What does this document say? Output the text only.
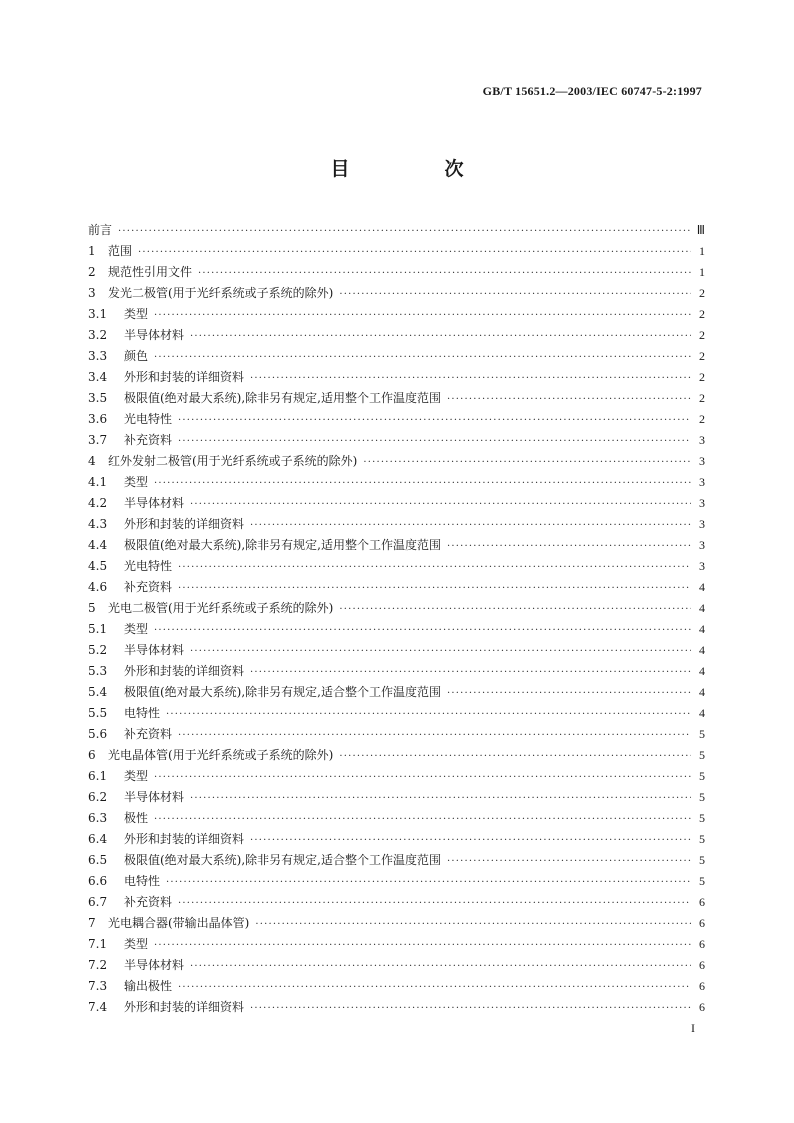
GB/T 15651.2—2003/IEC 60747-5-2:1997
目　次
前言 ·····	Ⅲ
1	范围 ·····	1
2	规范性引用文件 ·····	1
3	发光二极管(用于光纤系统或子系统的除外) ·····	2
3.1	类型 ·····	2
3.2	半导体材料 ·····	2
3.3	颜色 ·····	2
3.4	外形和封装的详细资料 ·····	2
3.5	极限值(绝对最大系统),除非另有规定,适用整个工作温度范围 ·····	2
3.6	光电特性 ·····	2
3.7	补充资料 ·····	3
4	红外发射二极管(用于光纤系统或子系统的除外) ·····	3
4.1	类型 ·····	3
4.2	半导体材料 ·····	3
4.3	外形和封装的详细资料 ·····	3
4.4	极限值(绝对最大系统),除非另有规定,适用整个工作温度范围 ·····	3
4.5	光电特性 ·····	3
4.6	补充资料 ·····	4
5	光电二极管(用于光纤系统或子系统的除外) ·····	4
5.1	类型 ·····	4
5.2	半导体材料 ·····	4
5.3	外形和封装的详细资料 ·····	4
5.4	极限值(绝对最大系统),除非另有规定,适合整个工作温度范围 ·····	4
5.5	电特性 ·····	4
5.6	补充资料 ·····	5
6	光电晶体管(用于光纤系统或子系统的除外) ·····	5
6.1	类型 ·····	5
6.2	半导体材料 ·····	5
6.3	极性 ·····	5
6.4	外形和封装的详细资料 ·····	5
6.5	极限值(绝对最大系统),除非另有规定,适合整个工作温度范围 ·····	5
6.6	电特性 ·····	5
6.7	补充资料 ·····	6
7	光电耦合器(带输出晶体管) ·····	6
7.1	类型 ·····	6
7.2	半导体材料 ·····	6
7.3	输出极性 ·····	6
7.4	外形和封装的详细资料 ·····	6
I
